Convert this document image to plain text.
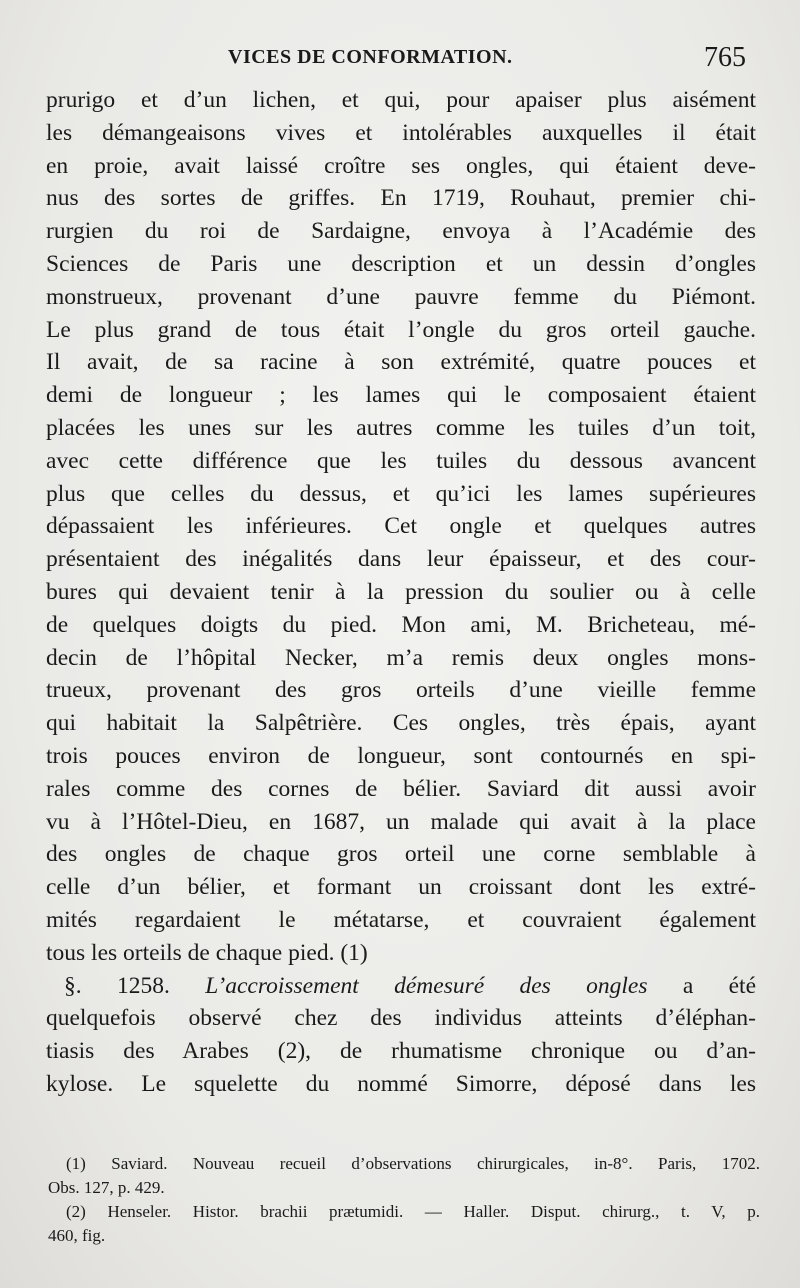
VICES DE CONFORMATION.	765
prurigo et d’un lichen, et qui, pour apaiser plus aisément
les démangeaisons vives et intolérables auxquelles il était
en proie, avait laissé croître ses ongles, qui étaient deve-
nus des sortes de griffes. En 1719, Rouhaut, premier chi-
rurgien du roi de Sardaigne, envoya à l’Académie des
Sciences de Paris une description et un dessin d’ongles
monstrueux, provenant d’une pauvre femme du Piémont.
Le plus grand de tous était l’ongle du gros orteil gauche.
Il avait, de sa racine à son extrémité, quatre pouces et
demi de longueur ; les lames qui le composaient étaient
placées les unes sur les autres comme les tuiles d’un toit,
avec cette différence que les tuiles du dessous avancent
plus que celles du dessus, et qu’ici les lames supérieures
dépassaient les inférieures. Cet ongle et quelques autres
présentaient des inégalités dans leur épaisseur, et des cour-
bures qui devaient tenir à la pression du soulier ou à celle
de quelques doigts du pied. Mon ami, M. Bricheteau, mé-
decin de l’hôpital Necker, m’a remis deux ongles mons-
trueux, provenant des gros orteils d’une vieille femme
qui habitait la Salpêtrière. Ces ongles, très épais, ayant
trois pouces environ de longueur, sont contournés en spi-
rales comme des cornes de bélier. Saviard dit aussi avoir
vu à l’Hôtel-Dieu, en 1687, un malade qui avait à la place
des ongles de chaque gros orteil une corne semblable à
celle d’un bélier, et formant un croissant dont les extré-
mités regardaient le métatarse, et couvraient également
tous les orteils de chaque pied. (1)
§. 1258. L’accroissement démesuré des ongles a été
quelquefois observé chez des individus atteints d’éléphan-
tiasis des Arabes (2), de rhumatisme chronique ou d’an-
kylose. Le squelette du nommé Simorre, déposé dans les
(1) Saviard. Nouveau recueil d’observations chirurgicales, in-8°. Paris, 1702.
Obs. 127, p. 429.
(2) Henseler. Histor. brachii prætumidi. — Haller. Disput. chirurg., t. V, p.
460, fig.
